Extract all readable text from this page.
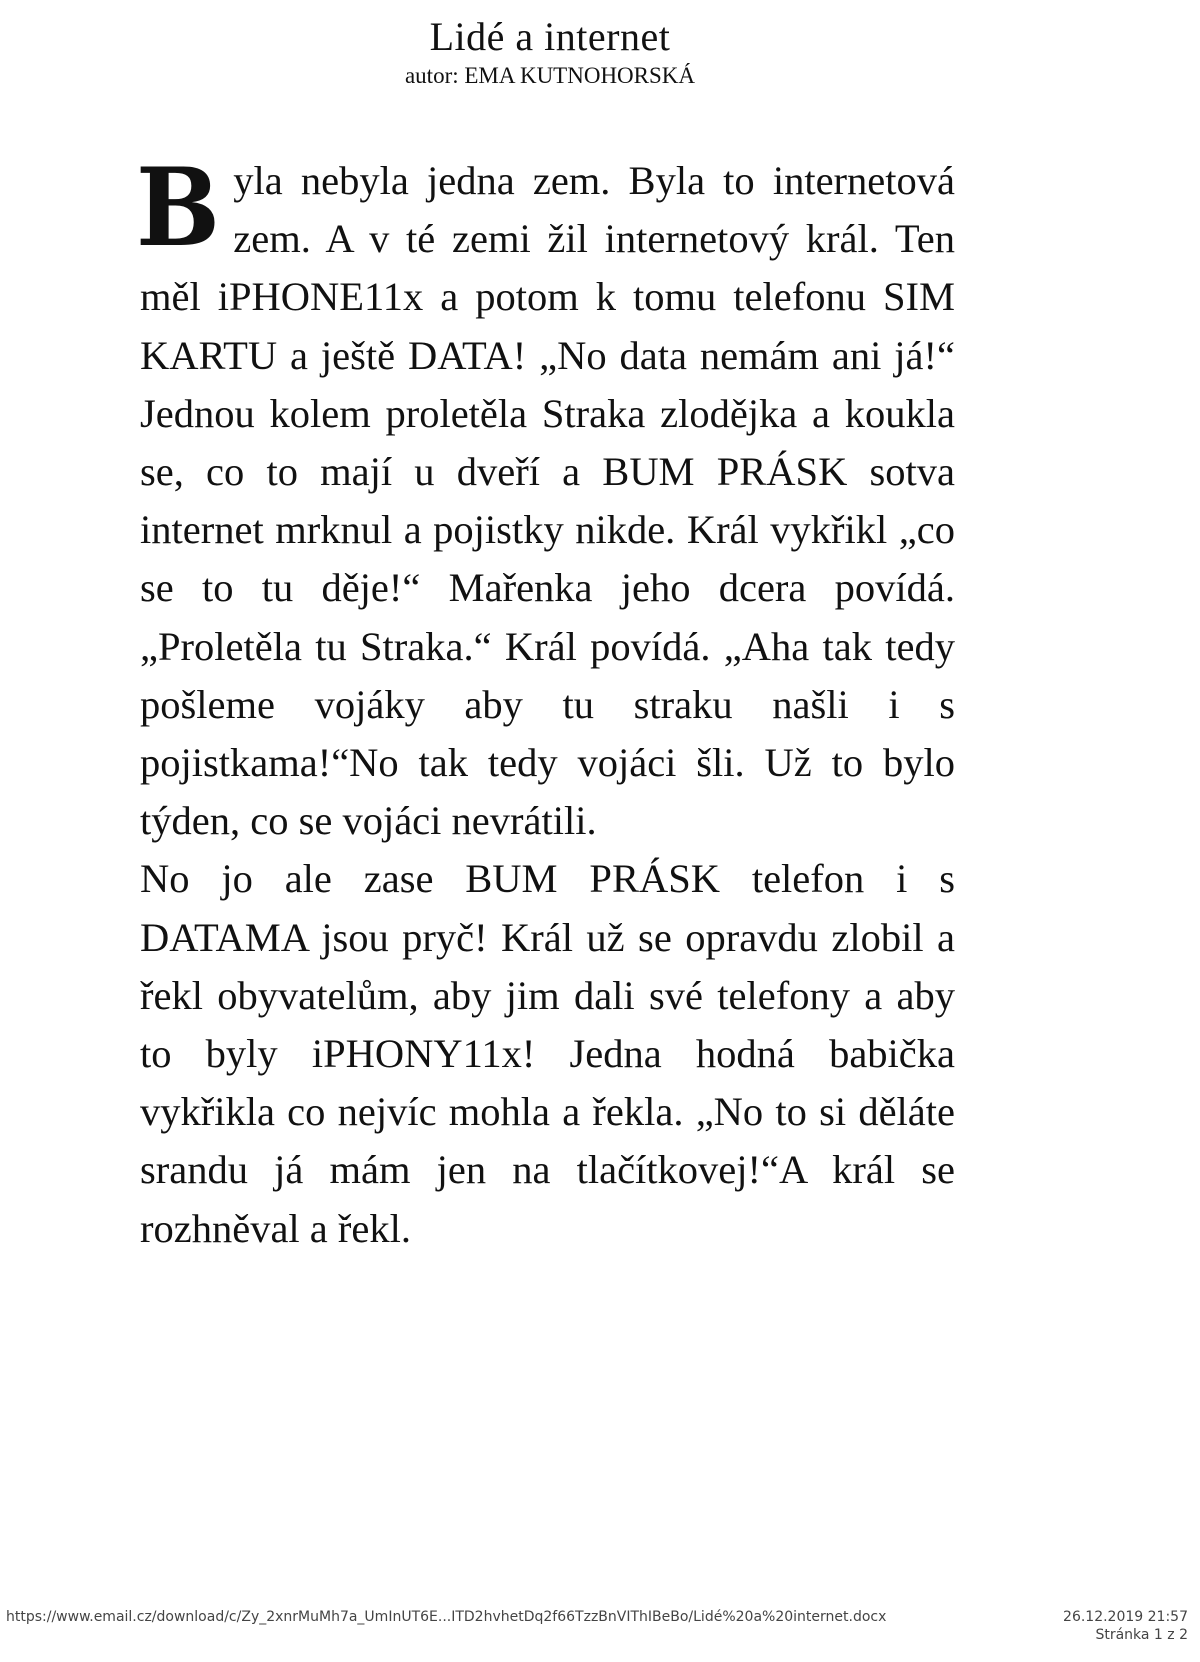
Lidé a internet
autor: EMA KUTNOHORSKÁ

Byla nebyla jedna zem. Byla to internetová zem. A v té zemi žil internetový král. Ten měl iPHONE11x a potom k tomu telefonu SIM KARTU a ještě DATA! „No data nemám ani já!“ Jednou kolem proletěla Straka zlodějka a koukla se, co to mají u dveří a BUM PRÁSK sotva internet mrknul a pojistky nikde. Král vykřikl „co se to tu děje!“ Mařenka jeho dcera povídá. „Proletěla tu Straka.“ Král povídá. „Aha tak tedy pošleme vojáky aby tu straku našli i s pojistkama!“No tak tedy vojáci šli. Už to bylo týden, co se vojáci nevrátili.

No jo ale zase BUM PRÁSK telefon i s DATAMA jsou pryč! Král už se opravdu zlobil a řekl obyvatelům, aby jim dali své telefony a aby to byly iPHONY11x! Jedna hodná babička vykřikla co nejvíc mohla a řekla. „No to si děláte srandu já mám jen na tlačítkovej!“A král se rozhněval a řekl.

https://www.email.cz/download/c/Zy_2xnrMuMh7a_UmInUT6E...ITD2hvhetDq2f66TzzBnVIThIBeBo/Lidé%20a%20internet.docx	26.12.2019 21:57
Stránka 1 z 2
